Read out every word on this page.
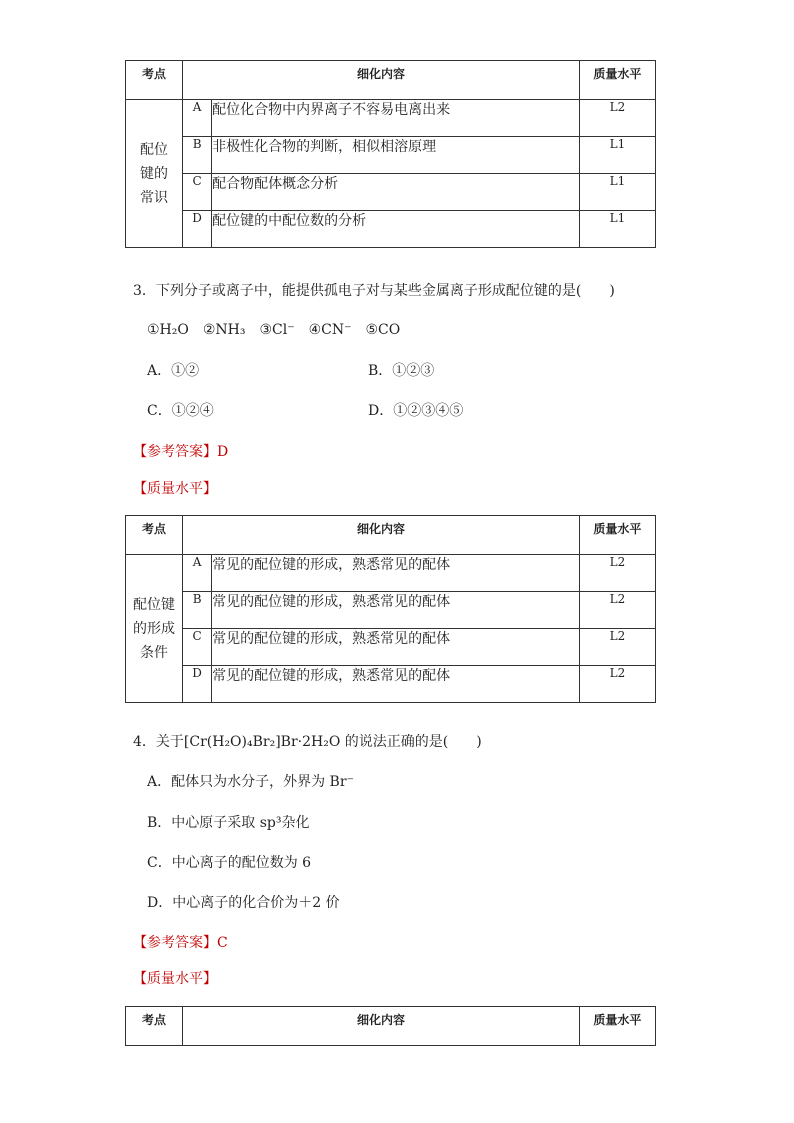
考点	细化内容		质量水平
配位键的常识	A	配位化合物中内界离子不容易电离出来	L2
	B	非极性化合物的判断，相似相溶原理	L1
	C	配合物配体概念分析	L1
	D	配位键的中配位数的分析	L1
3．下列分子或离子中，能提供孤电子对与某些金属离子形成配位键的是(　　)
①H₂O　②NH₃　③Cl⁻　④CN⁻　⑤CO
A．①②	B．①②③
C．①②④	D．①②③④⑤
【参考答案】D
【质量水平】
考点	细化内容		质量水平
配位键的形成条件	A	常见的配位键的形成，熟悉常见的配体	L2
	B	常见的配位键的形成，熟悉常见的配体	L2
	C	常见的配位键的形成，熟悉常见的配体	L2
	D	常见的配位键的形成，熟悉常见的配体	L2
4．关于[Cr(H₂O)₄Br₂]Br·2H₂O 的说法正确的是(　　)
A．配体只为水分子，外界为 Br⁻
B．中心原子采取 sp³杂化
C．中心离子的配位数为 6
D．中心离子的化合价为＋2 价
【参考答案】C
【质量水平】
考点	细化内容	质量水平
